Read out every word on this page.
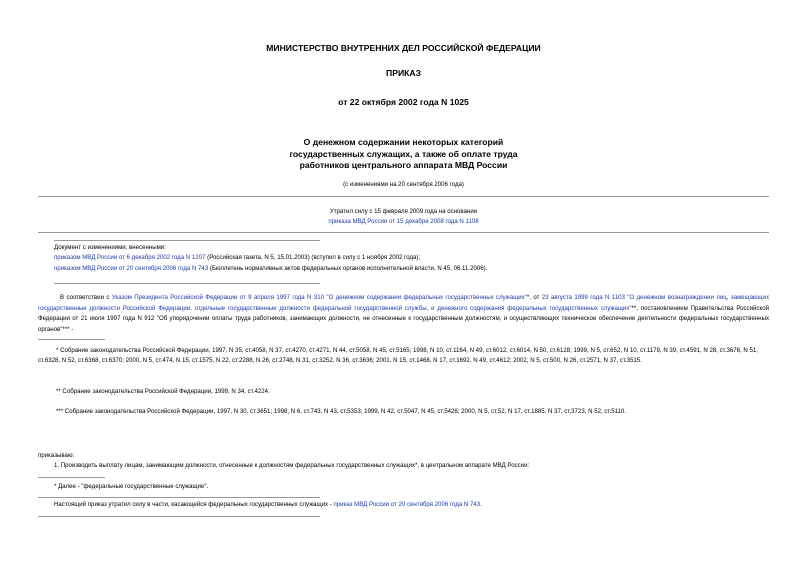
МИНИСТЕРСТВО ВНУТРЕННИХ ДЕЛ РОССИЙСКОЙ ФЕДЕРАЦИИ
ПРИКАЗ
от 22 октября 2002 года N 1025
О денежном содержании некоторых категорий
государственных служащих, а также об оплате труда
работников центрального аппарата МВД России
(с изменениями на 20 сентября 2006 года)
Утратил силу с 15 февраля 2009 года на основании
приказа МВД России от 15 декабря 2008 года N 1108
Документ с изменениями, внесенными:
приказом МВД России от 6 декабря 2002 года N 1207 (Российская газета, N 5, 15.01.2003) (вступил в силу с 1 ноября 2002 года);
приказом МВД России от 20 сентября 2006 года N 743 (Бюллетень нормативных актов федеральных органов исполнительной власти, N 45, 06.11.2006).
В соответствии с Указом Президента Российской Федерации от 9 апреля 1997 года N 310 "О денежном содержании федеральных государственных служащих"*, от 23 августа 1999 года N 1103 "О денежном вознаграждении лиц, замещающих государственные должности Российской Федерации, отдельные государственные должности федеральной государственной службы, и денежного содержания федеральных государственных служащих"**, постановлением Правительства Российской Федерации от 21 июля 1997 года N 912 "Об упорядочении оплаты труда работников, занимающих должности, не отнесенные к государственным должностям, и осуществляющих техническое обеспечение деятельности федеральных государственных органов"*** -
* Собрание законодательства Российской Федерации, 1997, N 35, ст.4058, N 37, ст.4270, ст.4271, N 44, ст.5058, N 45, ст.5165; 1998, N 10, ст.1164, N 49, ст.6012, ст.6014, N 50, ст.6128; 1999, N 5, ст.652, N 10, ст.1179, N 39, ст.4591, N 28, ст.3676, N 51, ст.6328, N 52, ст.6368, ст.6370; 2000, N 5, ст.474, N 15, ст.1575, N 22, ст.2288, N 26, ст.2748, N 31, ст.3252, N 36, ст.3636; 2001, N 15, ст.1468, N 17, ст.1692, N 49, ст.4612; 2002, N 5, ст.500, N 26, ст.2571, N 37, ст.3515.
** Собрание законодательства Российской Федерации, 1999, N 34, ст.4224.
*** Собрание законодательства Российской Федерации, 1997, N 30, ст.3651; 1998, N 6, ст.743, N 43, ст.5353; 1999, N 42, ст.5047, N 45, ст.5426; 2000, N 5, ст.52, N 17, ст.1885, N 37, ст.3723, N 52, ст.5110.
приказываю:
1. Производить выплату лицам, занимающим должности, отнесенные к должностям федеральных государственных служащих*, в центральном аппарате МВД России:
* Далее - "федеральные государственные служащие".
Настоящий приказ утратил силу в части, касающейся федеральных государственных служащих - приказ МВД России от 20 сентября 2006 года N 743.
